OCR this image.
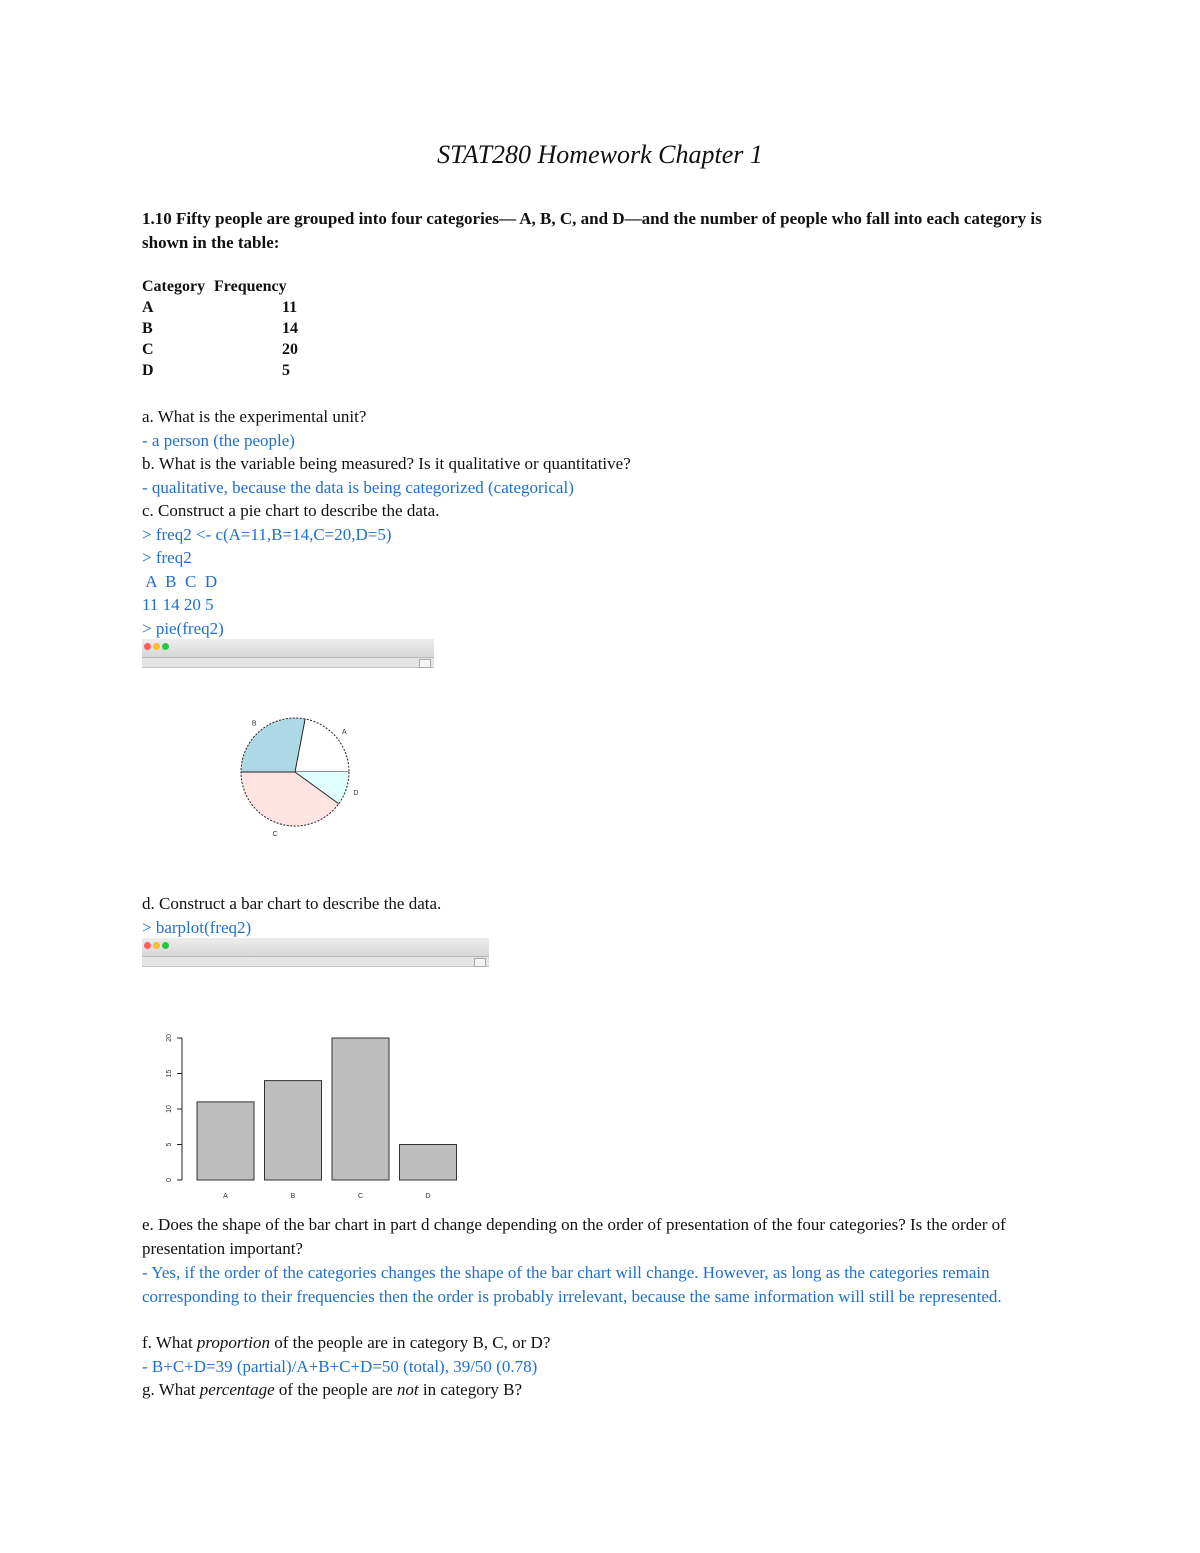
STAT280 Homework Chapter 1
1.10 Fifty people are grouped into four categories— A, B, C, and D—and the number of people who fall into each category is shown in the table:
Category Frequency
A	11
B	14
C	20
D	5
a. What is the experimental unit?
- a person (the people)
b. What is the variable being measured? Is it qualitative or quantitative?
- qualitative, because the data is being categorized (categorical)
c. Construct a pie chart to describe the data.
> freq2 <- c(A=11,B=14,C=20,D=5)
> freq2
A  B  C  D
11 14 20 5
> pie(freq2)
A
B
C
D
d. Construct a bar chart to describe the data.
> barplot(freq2)
0
5
10
15
20
A	B	C	D
e. Does the shape of the bar chart in part d change depending on the order of presentation of the four categories? Is the order of presentation important?
- Yes, if the order of the categories changes the shape of the bar chart will change. However, as long as the categories remain corresponding to their frequencies then the order is probably irrelevant, because the same information will still be represented.
f. What proportion of the people are in category B, C, or D?
- B+C+D=39 (partial)/A+B+C+D=50 (total), 39/50 (0.78)
g. What percentage of the people are not in category B?
